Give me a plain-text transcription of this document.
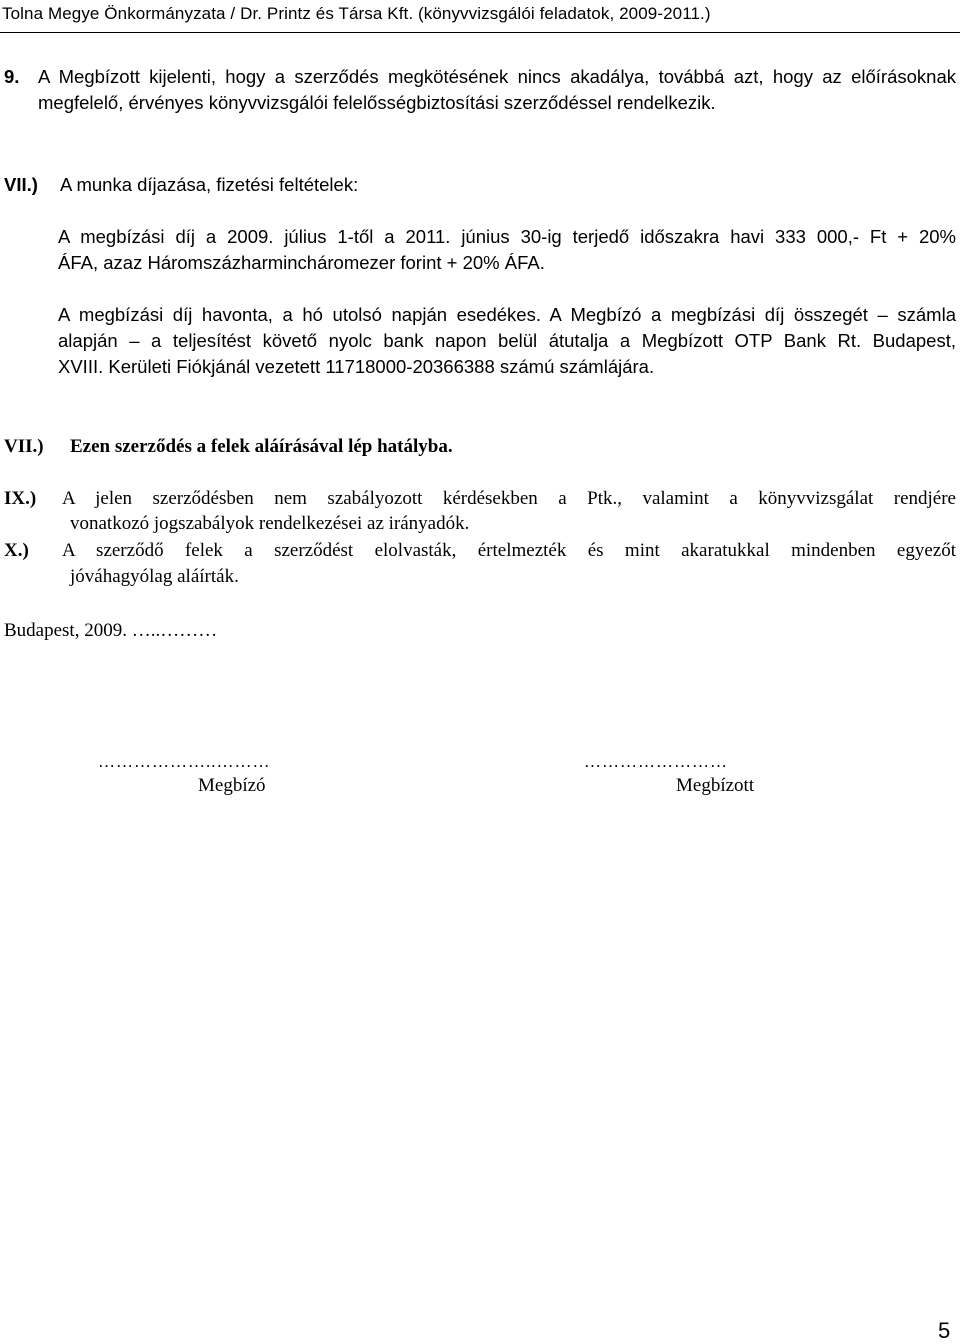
Tolna Megye Önkormányzata / Dr. Printz és Társa Kft. (könyvvizsgálói feladatok, 2009-2011.)
9. A Megbízott kijelenti, hogy a szerződés megkötésének nincs akadálya, továbbá azt, hogy az előírásoknak
megfelelő, érvényes könyvvizsgálói felelősségbiztosítási szerződéssel rendelkezik.
VII.) A munka díjazása, fizetési feltételek:
A megbízási díj a 2009. július 1-től a 2011. június 30-ig terjedő időszakra havi 333 000,- Ft + 20%
ÁFA, azaz Háromszázharmincháromezer forint + 20% ÁFA.
A megbízási díj havonta, a hó utolsó napján esedékes. A Megbízó a megbízási díj összegét – számla
alapján – a teljesítést követő nyolc bank napon belül átutalja a Megbízott OTP Bank Rt. Budapest,
XVIII. Kerületi Fiókjánál vezetett 11718000-20366388 számú számlájára.
VII.) Ezen szerződés a felek aláírásával lép hatályba.
IX.) A jelen szerződésben nem szabályozott kérdésekben a Ptk., valamint a könyvvizsgálat rendjére
vonatkozó jogszabályok rendelkezései az irányadók.
X.) A szerződő felek a szerződést elolvasták, értelmezték és mint akaratukkal mindenben egyezőt
jóváhagyólag aláírták.
Budapest, 2009. …..………
………………..………
Megbízó
……………………
Megbízott
5
